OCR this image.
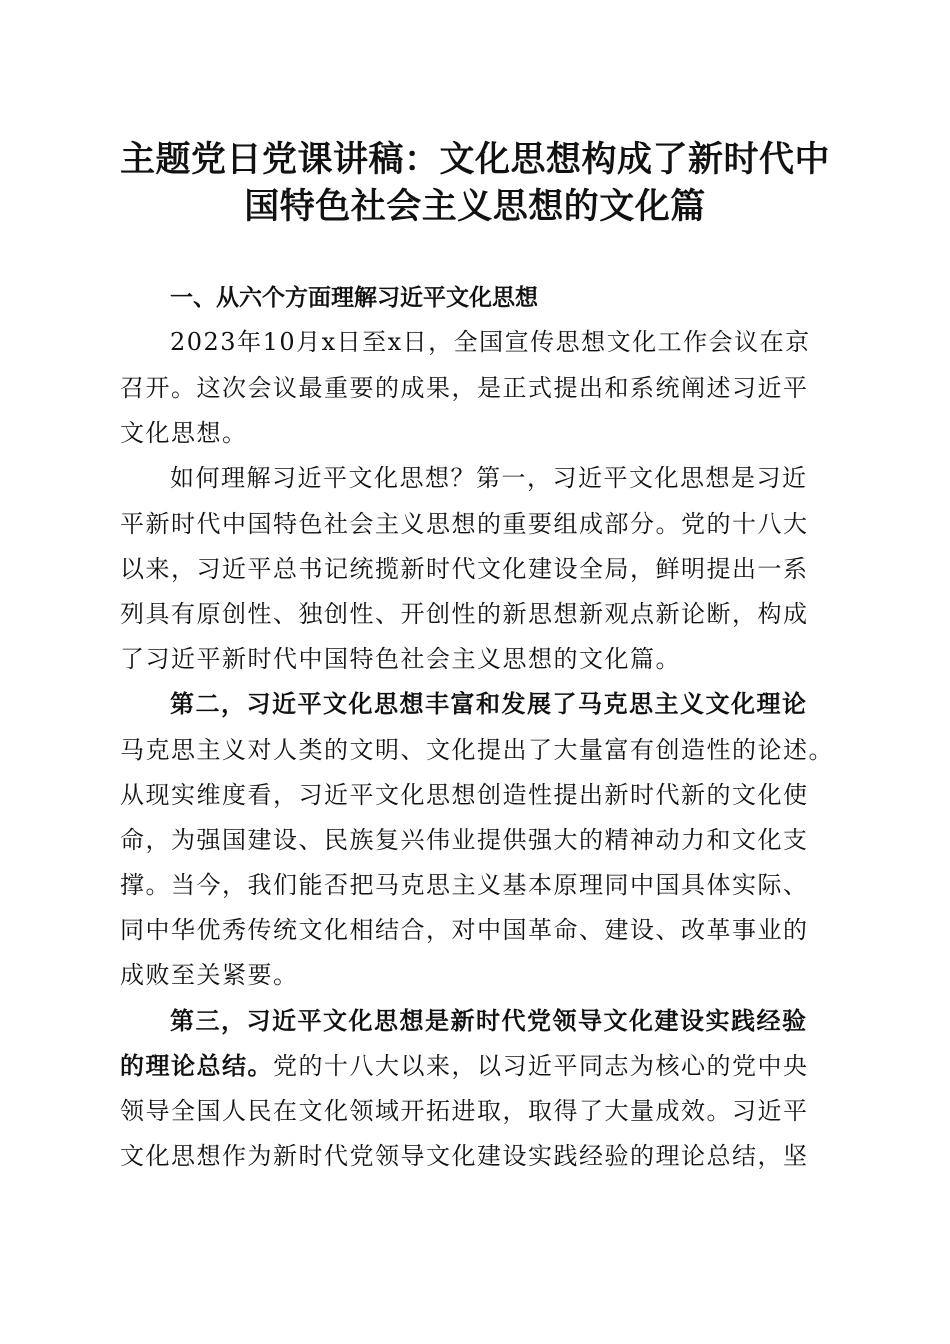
主题党日党课讲稿：文化思想构成了新时代中
国特色社会主义思想的文化篇
一、从六个方面理解习近平文化思想
2023年10月x日至x日，全国宣传思想文化工作会议在京
召开。这次会议最重要的成果，是正式提出和系统阐述习近平
文化思想。
如何理解习近平文化思想？第一，习近平文化思想是习近
平新时代中国特色社会主义思想的重要组成部分。党的十八大
以来，习近平总书记统揽新时代文化建设全局，鲜明提出一系
列具有原创性、独创性、开创性的新思想新观点新论断，构成
了习近平新时代中国特色社会主义思想的文化篇。
第二，习近平文化思想丰富和发展了马克思主义文化理论
马克思主义对人类的文明、文化提出了大量富有创造性的论述。
从现实维度看，习近平文化思想创造性提出新时代新的文化使
命，为强国建设、民族复兴伟业提供强大的精神动力和文化支
撑。当今，我们能否把马克思主义基本原理同中国具体实际、
同中华优秀传统文化相结合，对中国革命、建设、改革事业的
成败至关紧要。
第三，习近平文化思想是新时代党领导文化建设实践经验
的理论总结。党的十八大以来，以习近平同志为核心的党中央
领导全国人民在文化领域开拓进取，取得了大量成效。习近平
文化思想作为新时代党领导文化建设实践经验的理论总结，坚
